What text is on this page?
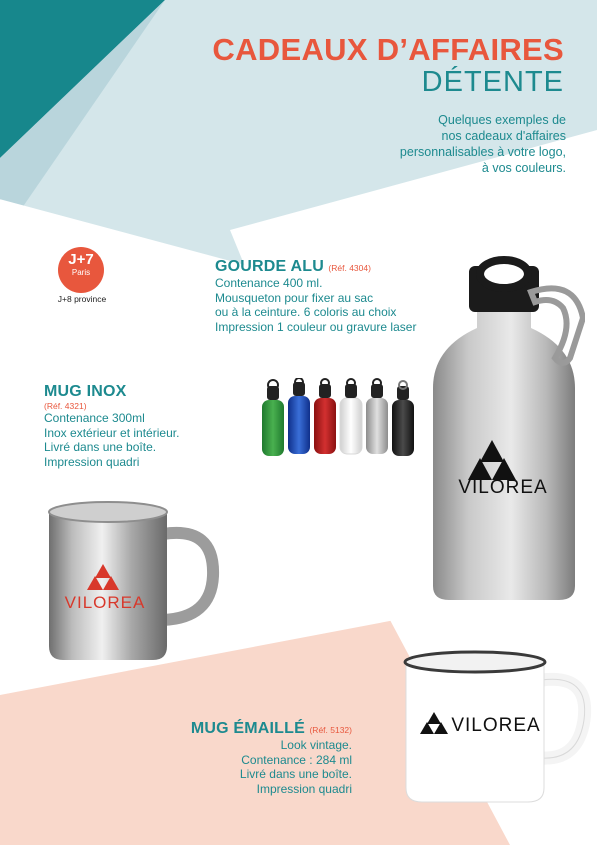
CADEAUX D’AFFAIRES
DÉTENTE
Quelques exemples de
nos cadeaux d'affaires
personnalisables à votre logo,
à vos couleurs.
J+7
Paris
J+8 province
GOURDE ALU (Réf. 4304)
Contenance 400 ml.
Mousqueton pour fixer au sac
ou à la ceinture. 6 coloris au choix
Impression 1 couleur ou gravure laser
MUG INOX
(Réf. 4321)
Contenance 300ml
Inox extérieur et intérieur.
Livré dans une boîte.
Impression quadri
MUG ÉMAILLÉ (Réf. 5132)
Look vintage.
Contenance : 284 ml
Livré dans une boîte.
Impression quadri
VILOREA
VILOREA
VILOREA
